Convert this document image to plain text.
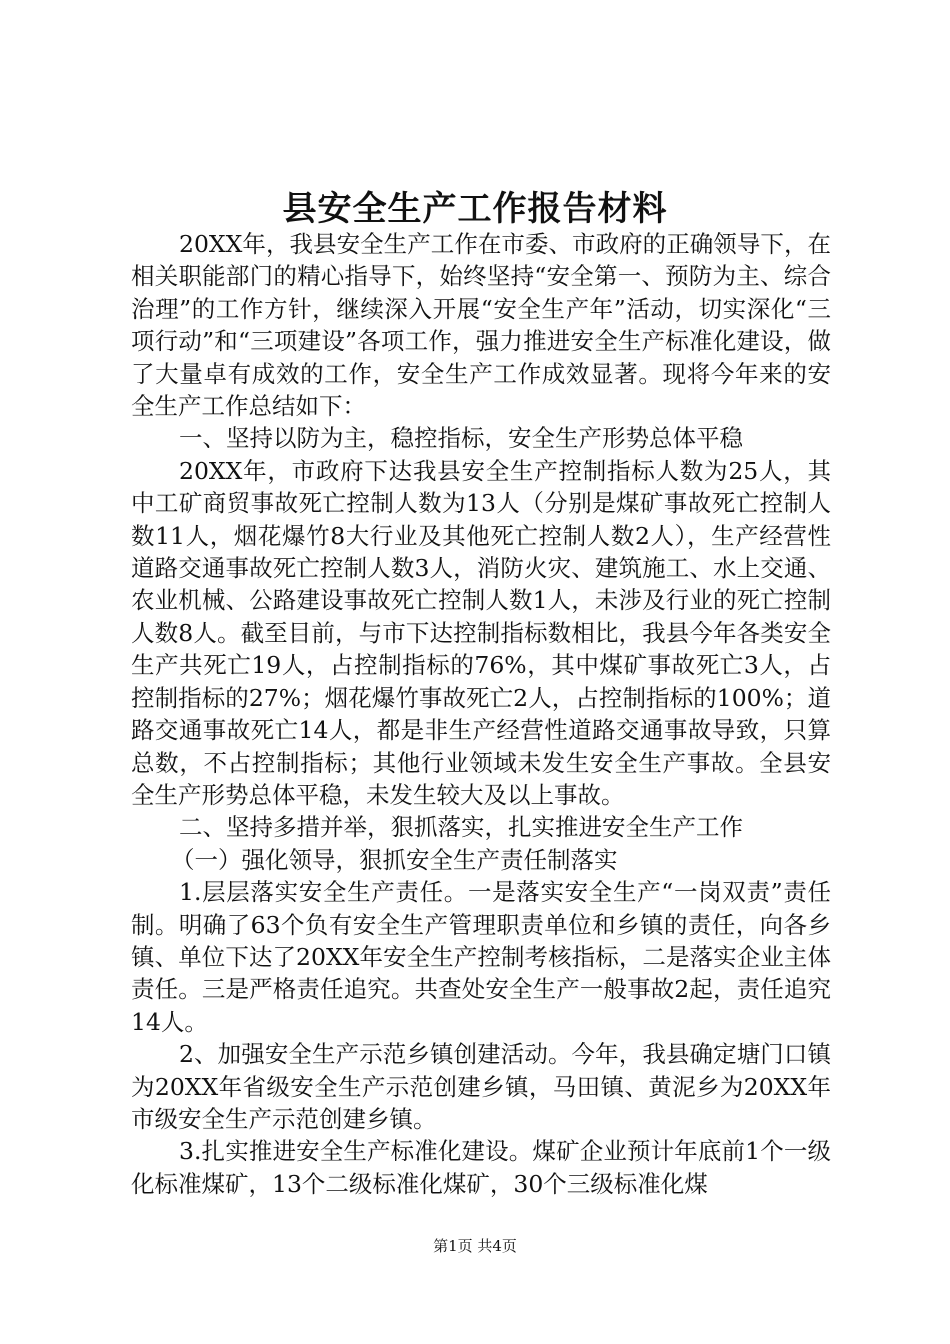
县安全生产工作报告材料

20XX年，我县安全生产工作在市委、市政府的正确领导下，在相关职能部门的精心指导下，始终坚持“安全第一、预防为主、综合治理”的工作方针，继续深入开展“安全生产年”活动，切实深化“三项行动”和“三项建设”各项工作，强力推进安全生产标准化建设，做了大量卓有成效的工作，安全生产工作成效显著。现将今年来的安全生产工作总结如下：

一、坚持以防为主，稳控指标，安全生产形势总体平稳

20XX年，市政府下达我县安全生产控制指标人数为25人，其中工矿商贸事故死亡控制人数为13人（分别是煤矿事故死亡控制人数11人，烟花爆竹8大行业及其他死亡控制人数2人），生产经营性道路交通事故死亡控制人数3人，消防火灾、建筑施工、水上交通、农业机械、公路建设事故死亡控制人数1人，未涉及行业的死亡控制人数8人。截至目前，与市下达控制指标数相比，我县今年各类安全生产共死亡19人，占控制指标的76%，其中煤矿事故死亡3人，占控制指标的27%；烟花爆竹事故死亡2人，占控制指标的100%；道路交通事故死亡14人，都是非生产经营性道路交通事故导致，只算总数，不占控制指标；其他行业领域未发生安全生产事故。全县安全生产形势总体平稳，未发生较大及以上事故。

二、坚持多措并举，狠抓落实，扎实推进安全生产工作

（一）强化领导，狠抓安全生产责任制落实

1.层层落实安全生产责任。一是落实安全生产“一岗双责”责任制。明确了63个负有安全生产管理职责单位和乡镇的责任，向各乡镇、单位下达了20XX年安全生产控制考核指标，二是落实企业主体责任。三是严格责任追究。共查处安全生产一般事故2起，责任追究14人。

2、加强安全生产示范乡镇创建活动。今年，我县确定塘门口镇为20XX年省级安全生产示范创建乡镇，马田镇、黄泥乡为20XX年市级安全生产示范创建乡镇。

3.扎实推进安全生产标准化建设。煤矿企业预计年底前1个一级化标准煤矿，13个二级标准化煤矿，30个三级标准化煤

第1页 共4页
